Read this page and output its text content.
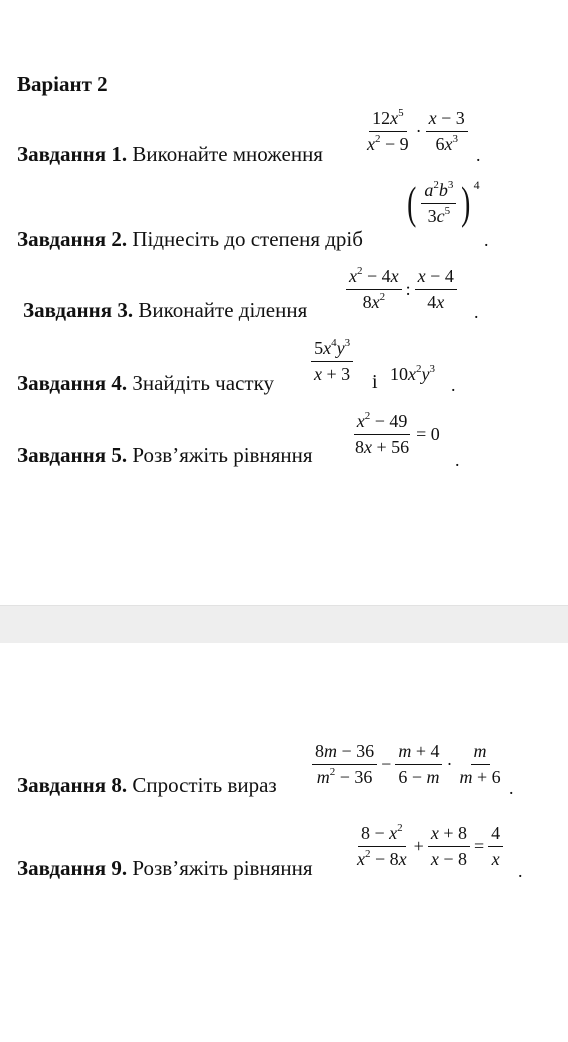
Варіант 2
Завдання 1. Виконайте множення $\frac{12x^5}{x^2 - 9} \cdot \frac{x - 3}{6x^3}$
.
Завдання 2. Піднесіть до степеня дріб
( $\frac{a^2b^3}{3c^5}$ ) 4
.
Завдання 3. Виконайте ділення $\frac{x^2 - 4x}{8x^2}$ : $\frac{x - 4}{4x}$ .
Завдання 4. Знайдіть частку $\frac{5x^4y^3}{x + 3}$ і $10x^2y^3$
.
Завдання 5. Розв’яжіть рівняння $\frac{x^2 - 49}{8x + 56} = 0$
.
Завдання 8. Спростіть вираз $\frac{8m - 36}{m^2 - 36} - \frac{m + 4}{6 - m} \cdot \frac{m}{m + 6}$
.
Завдання 9. Розв’яжіть рівняння $\frac{8 - x^2}{x^2 - 8x} + \frac{x + 8}{x - 8} = \frac{4}{x}$
.
